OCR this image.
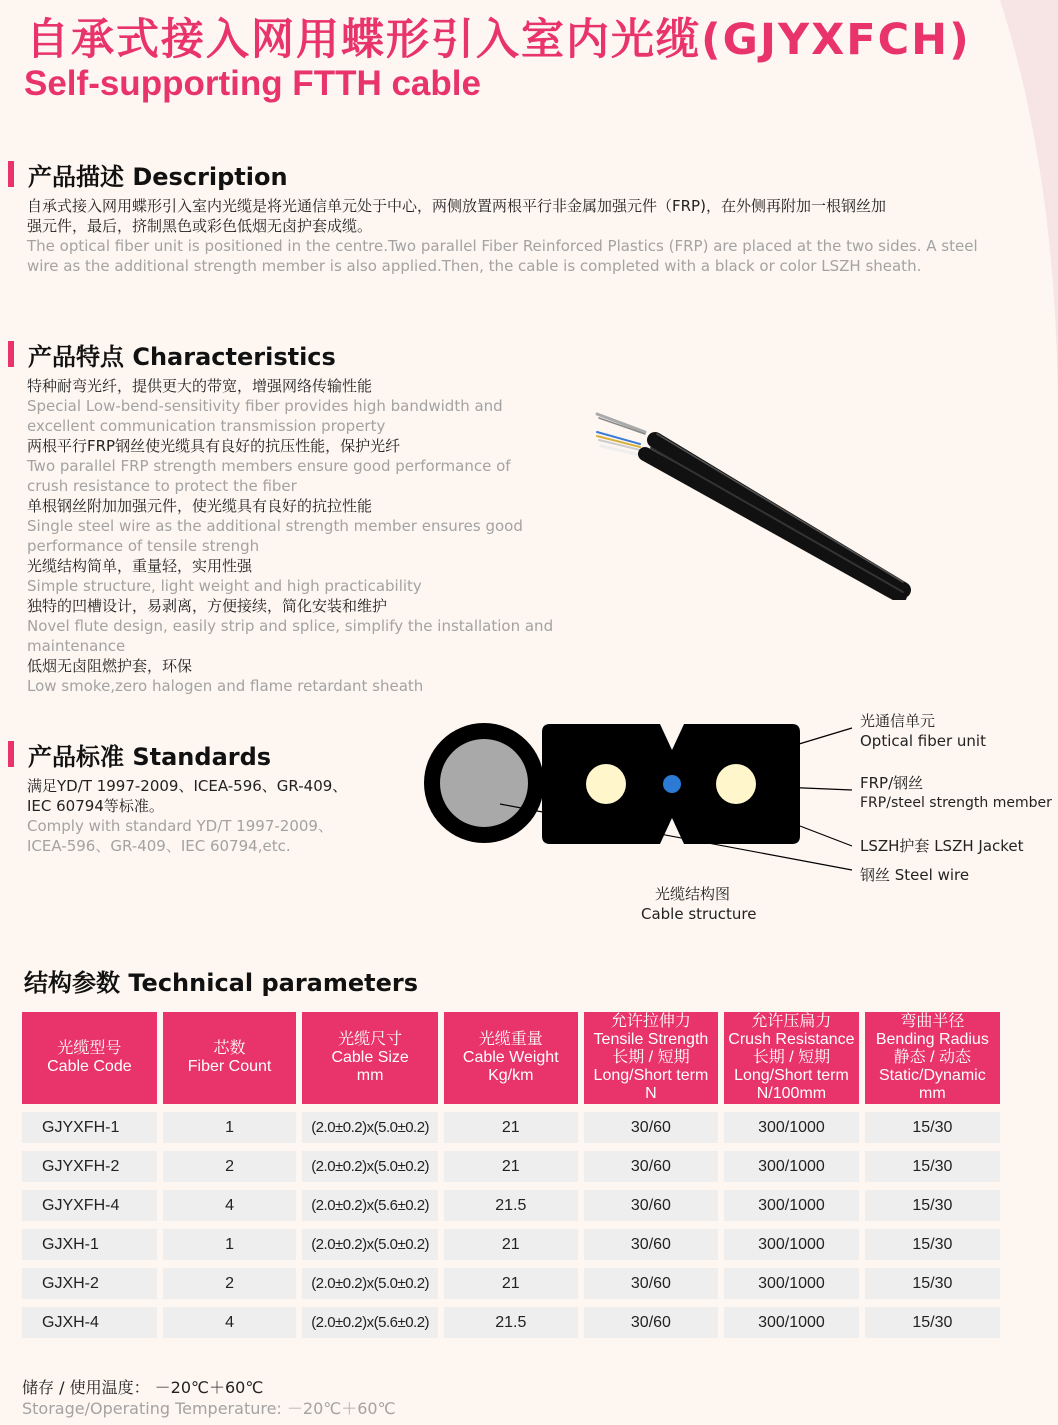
自承式接入网用蝶形引入室内光缆(GJYXFCH)
Self-supporting FTTH cable
产品描述 Description

自承式接入网用蝶形引入室内光缆是将光通信单元处于中心，两侧放置两根平行非金属加强元件（FRP)，在外侧再附加一根钢丝加
强元件，最后，挤制黑色或彩色低烟无卤护套成缆。
The optical fiber unit is positioned in the centre.Two parallel Fiber Reinforced Plastics (FRP) are placed at the two sides. A steel
wire as the additional strength member is also applied.Then, the cable is completed with a black or color LSZH sheath.

产品特点 Characteristics

特种耐弯光纤，提供更大的带宽，增强网络传输性能
Special Low-bend-sensitivity fiber provides high bandwidth and
excellent communication transmission property
两根平行FRP钢丝使光缆具有良好的抗压性能，保护光纤
Two parallel FRP strength members ensure good performance of
crush resistance to protect the fiber
单根钢丝附加加强元件，使光缆具有良好的抗拉性能
Single steel wire as the additional strength member ensures good
performance of tensile strengh
光缆结构简单，重量轻，实用性强
Simple structure, light weight and high practicability
独特的凹槽设计，易剥离，方便接续，简化安装和维护
Novel flute design, easily strip and splice, simplify the installation and
maintenance
低烟无卤阻燃护套，环保
Low smoke,zero halogen and flame retardant sheath

产品标准 Standards

满足YD/T 1997-2009、ICEA-596、GR-409、
IEC 60794等标准。
Comply with standard YD/T 1997-2009、
ICEA-596、GR-409、IEC 60794,etc.

光通信单元
Optical fiber unit
FRP/钢丝
FRP/steel strength member
LSZH护套 LSZH Jacket
钢丝 Steel wire
光缆结构图
Cable structure
结构参数 Technical parameters
光缆型号
Cable Code	芯数
Fiber Count	光缆尺寸
Cable Size
mm	光缆重量
Cable Weight
Kg/km	允许拉伸力
Tensile Strength
长期 / 短期
Long/Short term
N	允许压扁力
Crush Resistance
长期 / 短期
Long/Short term
N/100mm	弯曲半径
Bending Radius
静态 / 动态
Static/Dynamic
mm

GJYXFH-1	1	(2.0±0.2)x(5.0±0.2)	21	30/60	300/1000	15/30
GJYXFH-2	2	(2.0±0.2)x(5.0±0.2)	21	30/60	300/1000	15/30
GJYXFH-4	4	(2.0±0.2)x(5.6±0.2)	21.5	30/60	300/1000	15/30
GJXH-1	1	(2.0±0.2)x(5.0±0.2)	21	30/60	300/1000	15/30
GJXH-2	2	(2.0±0.2)x(5.0±0.2)	21	30/60	300/1000	15/30
GJXH-4	4	(2.0±0.2)x(5.6±0.2)	21.5	30/60	300/1000	15/30

储存 / 使用温度： －20℃＋60℃
Storage/Operating Temperature: －20℃＋60℃
